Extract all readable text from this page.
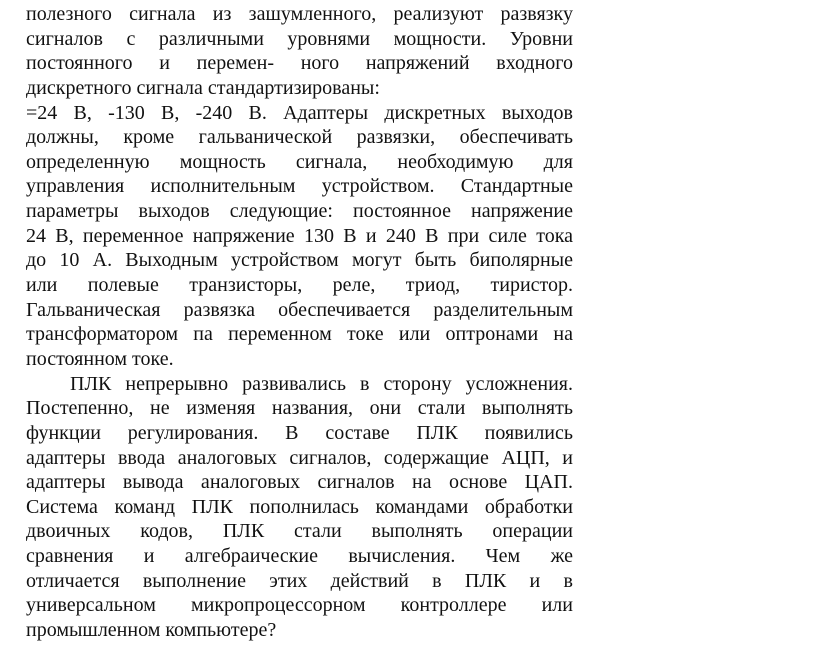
полезного сигнала из зашумленного, реализуют развязку
сигналов с различными уровнями мощности. Уровни
постоянного и перемен- ного напряжений входного
дискретного сигнала стандартизированы:
=24 В, -130 В, -240 В. Адаптеры дискретных выходов
должны, кроме гальванической развязки, обеспечивать
определенную мощность сигнала, необходимую для
управления исполнительным устройством. Стандартные
параметры выходов следующие: постоянное напряжение
24 В, переменное напряжение 130 В и 240 В при силе тока
до 10 А. Выходным устройством могут быть биполярные
или полевые транзисторы, реле, триод, тиристор.
Гальваническая развязка обеспечивается разделительным
трансформатором па переменном токе или оптронами на
постоянном токе.
ПЛК непрерывно развивались в сторону усложнения.
Постепенно, не изменяя названия, они стали выполнять
функции регулирования. В составе ПЛК появились
адаптеры ввода аналоговых сигналов, содержащие АЦП, и
адаптеры вывода аналоговых сигналов на основе ЦАП.
Система команд ПЛК пополнилась командами обработки
двоичных кодов, ПЛК стали выполнять операции
сравнения и алгебраические вычисления. Чем же
отличается выполнение этих действий в ПЛК и в
универсальном микропроцессорном контроллере или
промышленном компьютере?
